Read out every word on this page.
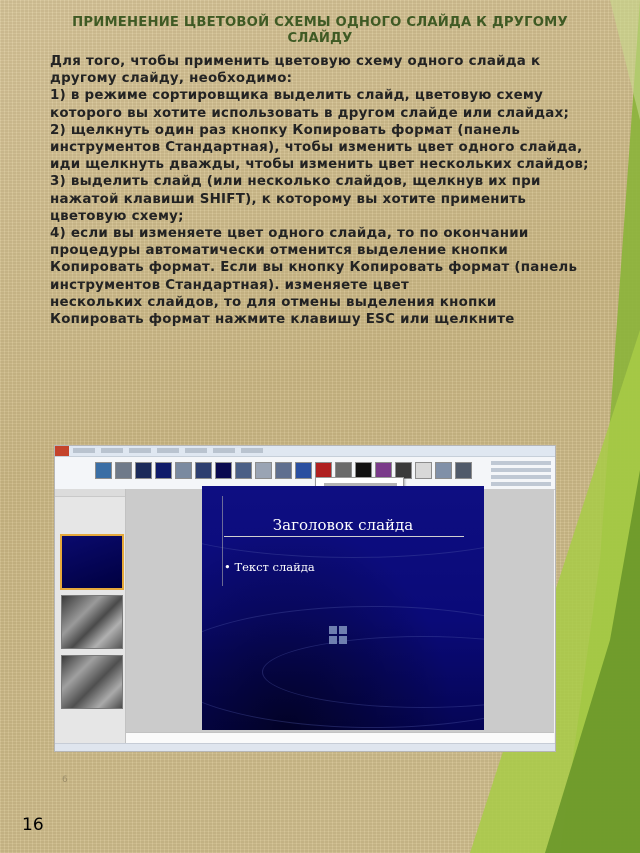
ПРИМЕНЕНИЕ ЦВЕТОВОЙ СХЕМЫ ОДНОГО СЛАЙДА К ДРУГОМУ СЛАЙДУ
Для того, чтобы применить цветовую схему одного слайда к другому слайду, необходимо:
1) в режиме сортировщика выделить слайд, цветовую схему которого вы хотите использовать в другом слайде или слайдах;
2) щелкнуть один раз кнопку Копировать формат (панель инструментов Стандартная), чтобы изменить цвет одного слайда, иди щелкнуть дважды, чтобы изменить цвет нескольких слайдов;
3) выделить слайд (или несколько слайдов, щелкнув их при нажатой клавиши SHIFT), к которому вы хотите применить цветовую схему;
4) если вы изменяете цвет одного слайда, то по окончании процедуры автоматически отменится выделение кнопки Копировать формат. Если вы кнопку Копировать формат (панель инструментов Стандартная). изменяете цвет
нескольких слайдов, то для отмены выделения кнопки Копировать формат нажмите клавишу ESC или щелкните
Заголовок слайда
• Текст слайда
6
16
